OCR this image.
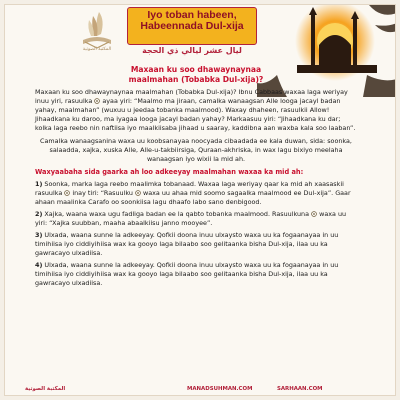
المكتبة الصوتية
Iyo toban habeen,
Habeennada Dul-xija
ليال عشر ليالي ذي الحجة
Maxaan ku soo dhawaynaynaa
maalmahan (Tobabka Dul-xija)?

Maxaan ku soo dhawaynaynaa maalmahan (Tobabka Dul-xija)? Ibnu Cabbaas waxaa laga weriyay inuu yiri, rasuulka ayaa yiri: “Maalmo ma jiraan, camalka wanaagsan Alle looga jacayl badan yahay, maalmahan” (wuxuu u jeedaa tobanka maalmood). Waxay dhaheen, rasuulkii Allow! Jihaadkana ku daroo, ma iyagaa looga jacayl badan yahay? Markaasuu yiri: “Jihaadkana ku dar; kolka laga reebo nin naftiisa iyo maalkiisaba jihaad u saaray, kaddibna aan waxba kala soo laaban”.

Camalka wanaagsanina waxa uu koobsanayaa noocyada cibaadada ee kala duwan, sida: soonka, salaadda, xajka, xuska Alle, Alle-u-takbiirsiga, Quraan-akhriska, in wax lagu bixiyo meelaha wanaagsan iyo wixii la mid ah.

Waxyaabaha sida gaarka ah loo adkeeyay maalmahan waxaa ka mid ah:
1) Soonka, marka laga reebo maalimka tobanaad. Waxaa laga weriyay qaar ka mid ah xaasaskii rasuulka inay tiri: “Rasuulku waxa uu ahaa mid soomo sagaalka maalmood ee Dul-xija”. Gaar ahaan maalinka Carafo oo soonkiisa lagu dhaafo labo sano denbigood.
2) Xajka, waana waxa ugu fadliga badan ee la qabto tobanka maalmood. Rasuulkuna waxa uu yiri: “Xajka suubban, maaha abaalkiisu janno mooyee”.
3) Ulxada, waana sunne la adkeeyay. Qofkii doona inuu ulxaysto waxa uu ka fogaanayaa in uu timihiisa iyo ciddiyihiisa wax ka gooyo laga bilaabo soo gelitaanka bisha Dul-xija, ilaa uu ka gawracayo ulxadiisa.
4) Ulxada, waana sunne la adkeeyay. Qofkii doona inuu ulxaysto waxa uu ka fogaanayaa in uu timihiisa iyo ciddiyihiisa wax ka gooyo laga bilaabo soo gelitaanka bisha Dul-xija, ilaa uu ka gawracayo ulxadiisa.
المكتبة الصوتية	MANADSUHMAN.COM	SARHAAN.COM
